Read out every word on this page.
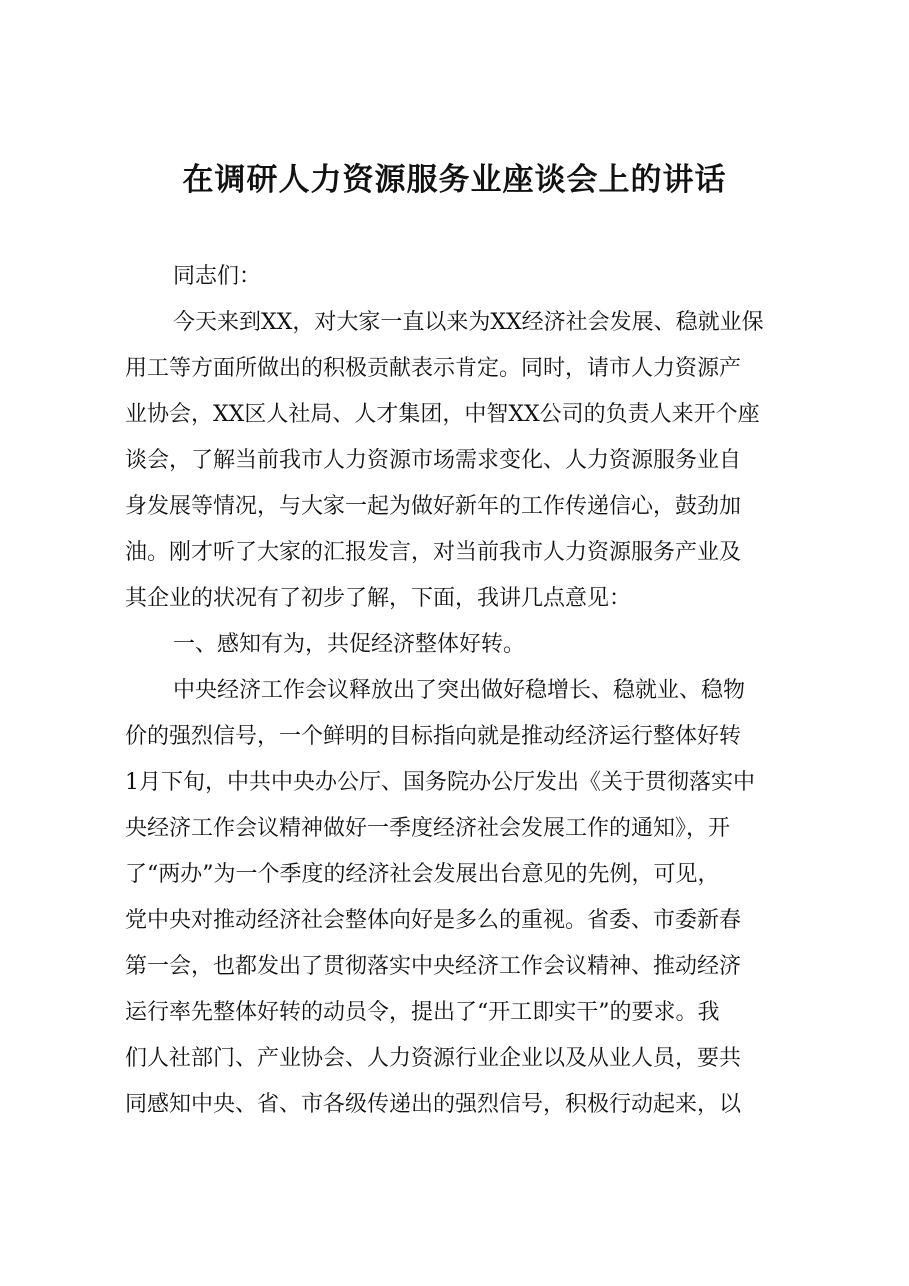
在调研人力资源服务业座谈会上的讲话
同志们：
今天来到XX，对大家一直以来为XX经济社会发展、稳就业保
用工等方面所做出的积极贡献表示肯定。同时，请市人力资源产
业协会，XX区人社局、人才集团，中智XX公司的负责人来开个座
谈会，了解当前我市人力资源市场需求变化、人力资源服务业自
身发展等情况，与大家一起为做好新年的工作传递信心，鼓劲加
油。刚才听了大家的汇报发言，对当前我市人力资源服务产业及
其企业的状况有了初步了解，下面，我讲几点意见：
一、感知有为，共促经济整体好转。
中央经济工作会议释放出了突出做好稳增长、稳就业、稳物
价的强烈信号，一个鲜明的目标指向就是推动经济运行整体好转
1月下旬，中共中央办公厅、国务院办公厅发出《关于贯彻落实中
央经济工作会议精神做好一季度经济社会发展工作的通知》，开
了“两办”为一个季度的经济社会发展出台意见的先例，可见，
党中央对推动经济社会整体向好是多么的重视。省委、市委新春
第一会，也都发出了贯彻落实中央经济工作会议精神、推动经济
运行率先整体好转的动员令，提出了“开工即实干”的要求。我
们人社部门、产业协会、人力资源行业企业以及从业人员，要共
同感知中央、省、市各级传递出的强烈信号，积极行动起来，以
